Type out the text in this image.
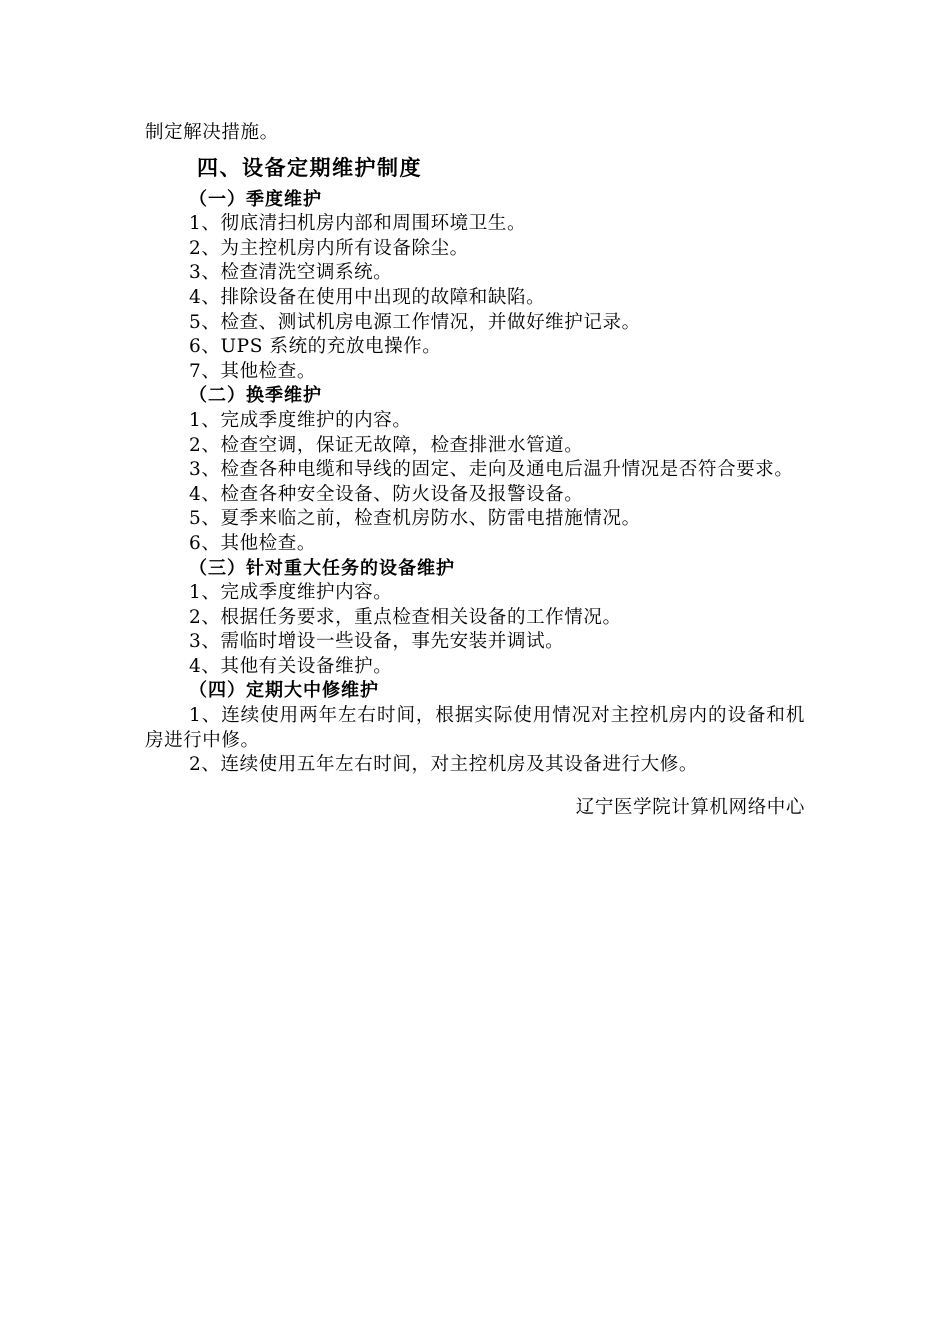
制定解决措施。
四、设备定期维护制度
（一）季度维护
1、彻底清扫机房内部和周围环境卫生。
2、为主控机房内所有设备除尘。
3、检查清洗空调系统。
4、排除设备在使用中出现的故障和缺陷。
5、检查、测试机房电源工作情况，并做好维护记录。
6、UPS 系统的充放电操作。
7、其他检查。
（二）换季维护
1、完成季度维护的内容。
2、检查空调，保证无故障，检查排泄水管道。
3、检查各种电缆和导线的固定、走向及通电后温升情况是否符合要求。
4、检查各种安全设备、防火设备及报警设备。
5、夏季来临之前，检查机房防水、防雷电措施情况。
6、其他检查。
（三）针对重大任务的设备维护
1、完成季度维护内容。
2、根据任务要求，重点检查相关设备的工作情况。
3、需临时增设一些设备，事先安装并调试。
4、其他有关设备维护。
（四）定期大中修维护
1、连续使用两年左右时间，根据实际使用情况对主控机房内的设备和机房进行中修。
2、连续使用五年左右时间，对主控机房及其设备进行大修。
辽宁医学院计算机网络中心
